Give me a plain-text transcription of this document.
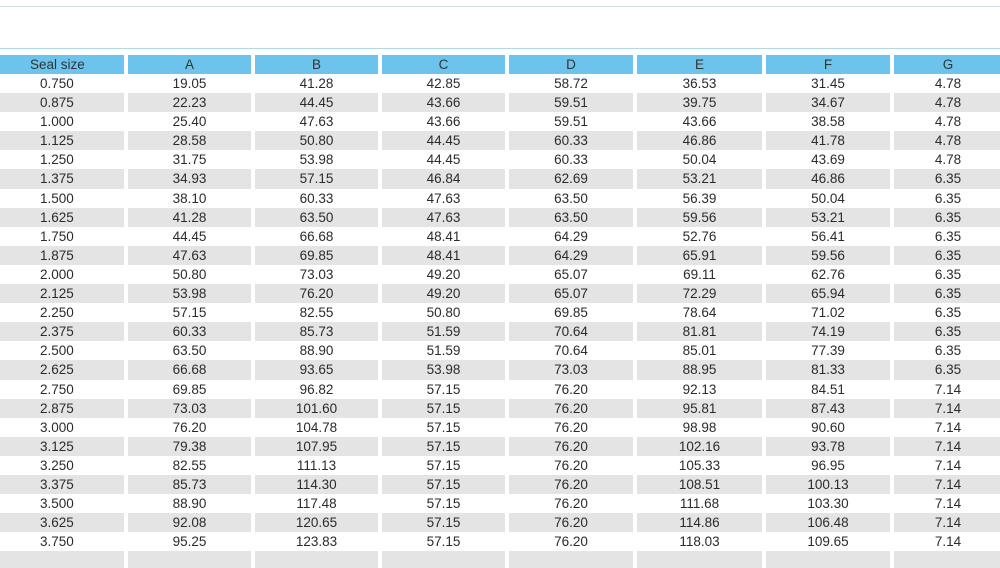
Seal size	A	B	C	D	E	F	G
0.750	19.05	41.28	42.85	58.72	36.53	31.45	4.78
0.875	22.23	44.45	43.66	59.51	39.75	34.67	4.78
1.000	25.40	47.63	43.66	59.51	43.66	38.58	4.78
1.125	28.58	50.80	44.45	60.33	46.86	41.78	4.78
1.250	31.75	53.98	44.45	60.33	50.04	43.69	4.78
1.375	34.93	57.15	46.84	62.69	53.21	46.86	6.35
1.500	38.10	60.33	47.63	63.50	56.39	50.04	6.35
1.625	41.28	63.50	47.63	63.50	59.56	53.21	6.35
1.750	44.45	66.68	48.41	64.29	52.76	56.41	6.35
1.875	47.63	69.85	48.41	64.29	65.91	59.56	6.35
2.000	50.80	73.03	49.20	65.07	69.11	62.76	6.35
2.125	53.98	76.20	49.20	65.07	72.29	65.94	6.35
2.250	57.15	82.55	50.80	69.85	78.64	71.02	6.35
2.375	60.33	85.73	51.59	70.64	81.81	74.19	6.35
2.500	63.50	88.90	51.59	70.64	85.01	77.39	6.35
2.625	66.68	93.65	53.98	73.03	88.95	81.33	6.35
2.750	69.85	96.82	57.15	76.20	92.13	84.51	7.14
2.875	73.03	101.60	57.15	76.20	95.81	87.43	7.14
3.000	76.20	104.78	57.15	76.20	98.98	90.60	7.14
3.125	79.38	107.95	57.15	76.20	102.16	93.78	7.14
3.250	82.55	111.13	57.15	76.20	105.33	96.95	7.14
3.375	85.73	114.30	57.15	76.20	108.51	100.13	7.14
3.500	88.90	117.48	57.15	76.20	111.68	103.30	7.14
3.625	92.08	120.65	57.15	76.20	114.86	106.48	7.14
3.750	95.25	123.83	57.15	76.20	118.03	109.65	7.14
